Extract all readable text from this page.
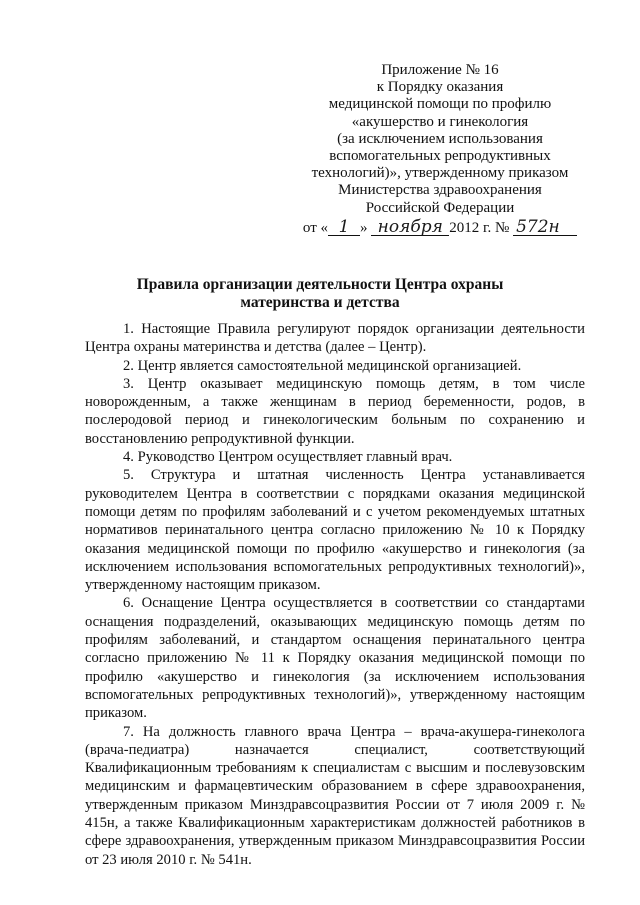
Приложение № 16
к Порядку оказания
медицинской помощи по профилю
«акушерство и гинекология
(за исключением использования
вспомогательных репродуктивных
технологий)», утвержденному приказом
Министерства здравоохранения
Российской Федерации
от « 1 » ноября 2012 г. № 572н
Правила организации деятельности Центра охраны
материнства и детства

1. Настоящие Правила регулируют порядок организации деятельности Центра охраны материнства и детства (далее – Центр).

2. Центр является самостоятельной медицинской организацией.

3. Центр оказывает медицинскую помощь детям, в том числе новорожденным, а также женщинам в период беременности, родов, в послеродовой период и гинекологическим больным по сохранению и восстановлению репродуктивной функции.

4. Руководство Центром осуществляет главный врач.

5. Структура и штатная численность Центра устанавливается руководителем Центра в соответствии с порядками оказания медицинской помощи детям по профилям заболеваний и с учетом рекомендуемых штатных нормативов перинатального центра согласно приложению № 10 к Порядку оказания медицинской помощи по профилю «акушерство и гинекология (за исключением использования вспомогательных репродуктивных технологий)», утвержденному настоящим приказом.

6. Оснащение Центра осуществляется в соответствии со стандартами оснащения подразделений, оказывающих медицинскую помощь детям по профилям заболеваний, и стандартом оснащения перинатального центра согласно приложению № 11 к Порядку оказания медицинской помощи по профилю «акушерство и гинекология (за исключением использования вспомогательных репродуктивных технологий)», утвержденному настоящим приказом.

7. На должность главного врача Центра – врача-акушера-гинеколога (врача-педиатра) назначается специалист, соответствующий Квалификационным требованиям к специалистам с высшим и послевузовским медицинским и фармацевтическим образованием в сфере здравоохранения, утвержденным приказом Минздравсоцразвития России от 7 июля 2009 г. № 415н, а также Квалификационным характеристикам должностей работников в сфере здравоохранения, утвержденным приказом Минздравсоцразвития России от 23 июля 2010 г. № 541н.
